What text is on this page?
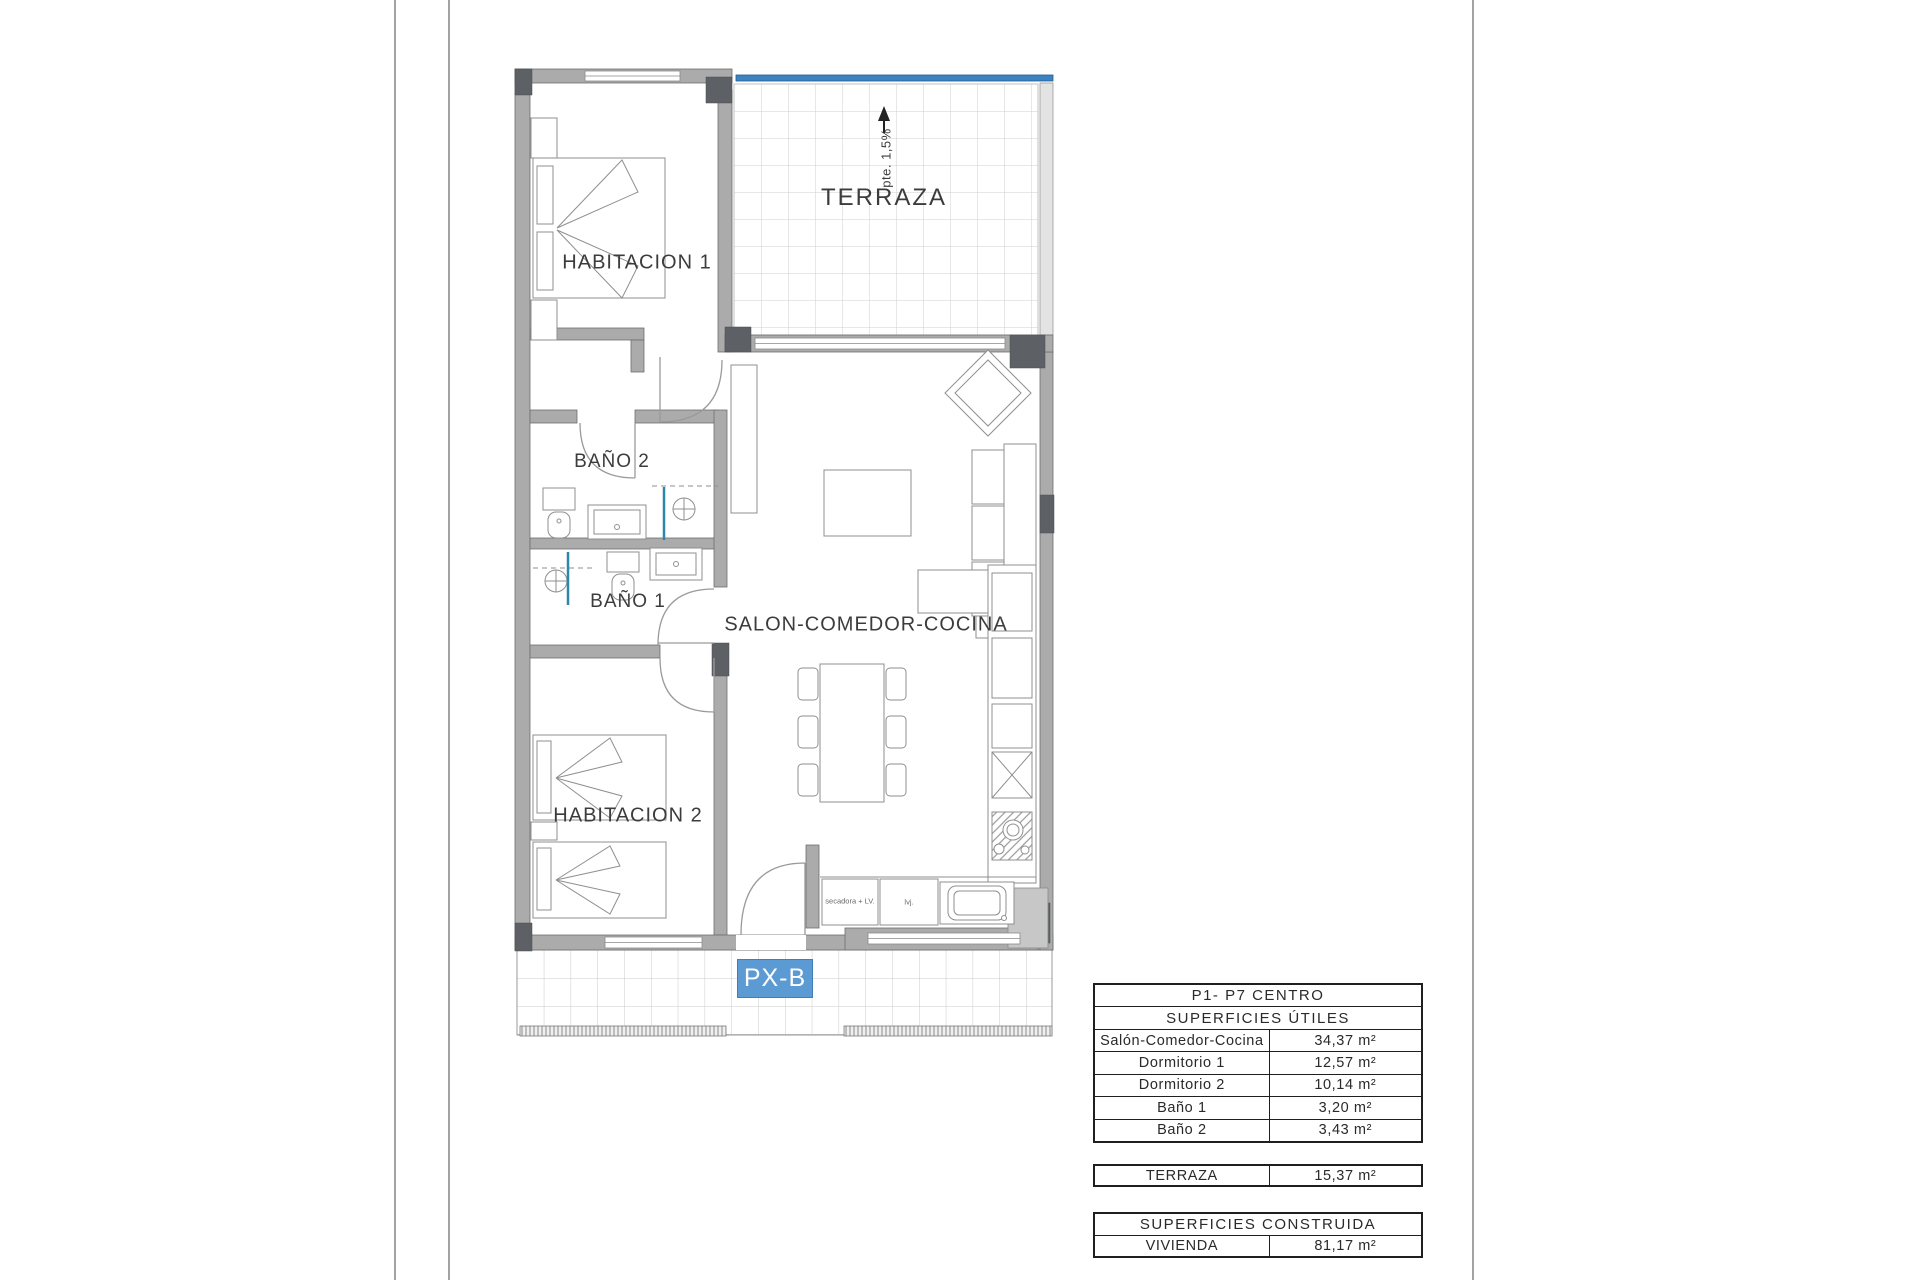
HABITACION 1
TERRAZA
BAÑO 2
BAÑO 1
HABITACION 2
SALON-COMEDOR-COCINA
pte. 1,5%
secadora + LV.	lvj.
PX-B
P1- P7 CENTRO
SUPERFICIES ÚTILES
Salón-Comedor-Cocina	34,37 m²
Dormitorio 1	12,57 m²
Dormitorio 2	10,14 m²
Baño 1	3,20 m²
Baño 2	3,43 m²
TERRAZA	15,37 m²
SUPERFICIES CONSTRUIDA
VIVIENDA	81,17 m²
